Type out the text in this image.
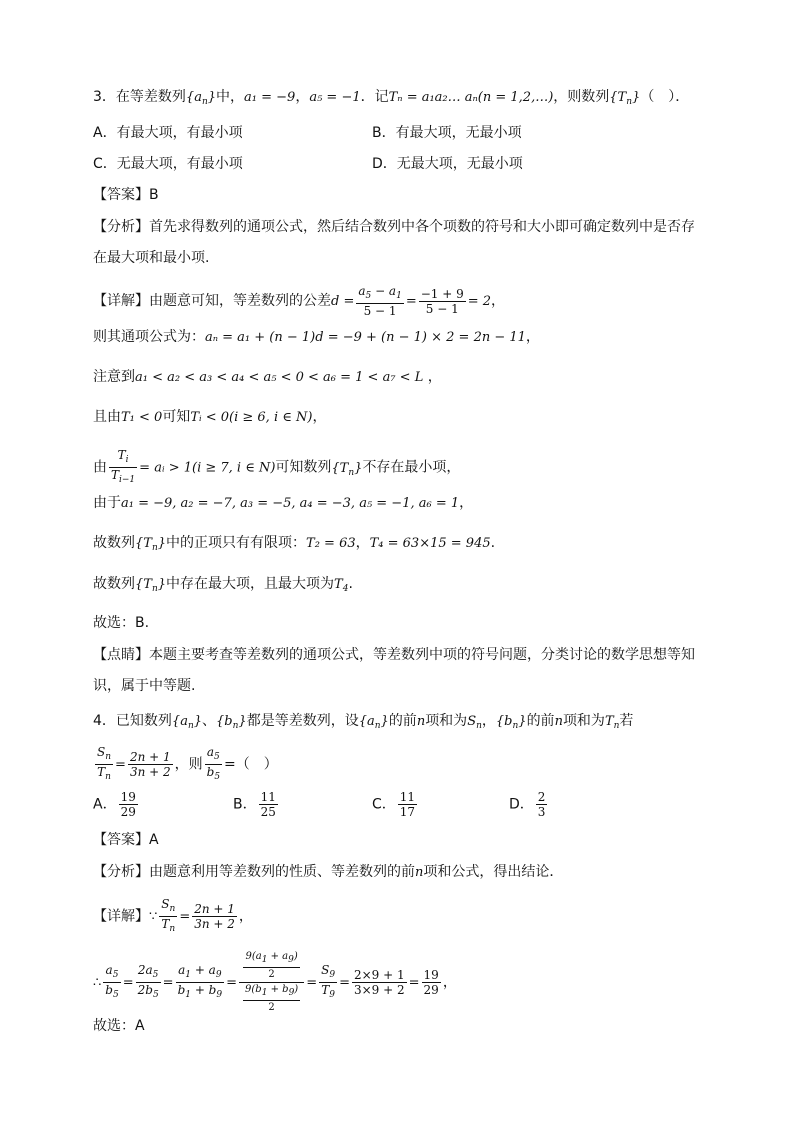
3．在等差数列$\{a_n\}$中，a₁ = −9，a₅ = −1．记Tₙ = a₁a₂… aₙ(n = 1,2,…)，则数列$\{T_n\}$（　）．
A．有最大项，有最小项	B．有最大项，无最小项
C．无最大项，有最小项	D．无最大项，无最小项
【答案】B
【分析】首先求得数列的通项公式，然后结合数列中各个项数的符号和大小即可确定数列中是否存
在最大项和最小项.
【详解】由题意可知，等差数列的公差$d = \frac{a_5 - a_1}{5 - 1} = \frac{-1 + 9}{5 - 1} = 2$，
则其通项公式为：aₙ = a₁ + (n − 1)d = −9 + (n − 1) × 2 = 2n − 11，
注意到a₁ < a₂ < a₃ < a₄ < a₅ < 0 < a₆ = 1 < a₇ < L ，
且由T₁ < 0可知Tᵢ < 0(i ≥ 6, i ∈ N)，
由 $\frac{T_i}{T_{i-1}}$ = aᵢ > 1(i ≥ 7, i ∈ N)可知数列$\{T_n\}$不存在最小项，
由于a₁ = −9, a₂ = −7, a₃ = −5, a₄ = −3, a₅ = −1, a₆ = 1，
故数列$\{T_n\}$中的正项只有有限项：T₂ = 63，T₄ = 63×15 = 945.
故数列$\{T_n\}$中存在最大项，且最大项为$T_4$.
故选：B.
【点睛】本题主要考查等差数列的通项公式，等差数列中项的符号问题，分类讨论的数学思想等知
识，属于中等题.
4．已知数列$\{a_n\}$、$\{b_n\}$都是等差数列，设$\{a_n\}$的前n项和为$S_n$，$\{b_n\}$的前n项和为$T_n$若
$\frac{S_n}{T_n} = \frac{2n + 1}{3n + 2}$ ，则 $\frac{a_5}{b_5}$ =（　）
A． $\frac{19}{29}$	B． $\frac{11}{25}$	C． $\frac{11}{17}$	D． $\frac{2}{3}$
【答案】A
【分析】由题意利用等差数列的性质、等差数列的前n项和公式，得出结论．
【详解】∵ $\frac{S_n}{T_n} = \frac{2n + 1}{3n + 2}$ ，
∴ $\frac{a_5}{b_5} = \frac{2a_5}{2b_5} = \frac{a_1 + a_9}{b_1 + b_9} = \frac{\frac{9(a_1 + a_9)}{2}}{\frac{9(b_1 + b_9)}{2}} = \frac{S_9}{T_9} = \frac{2\times 9 + 1}{3\times 9 + 2} = \frac{19}{29}$ ，
故选：A
